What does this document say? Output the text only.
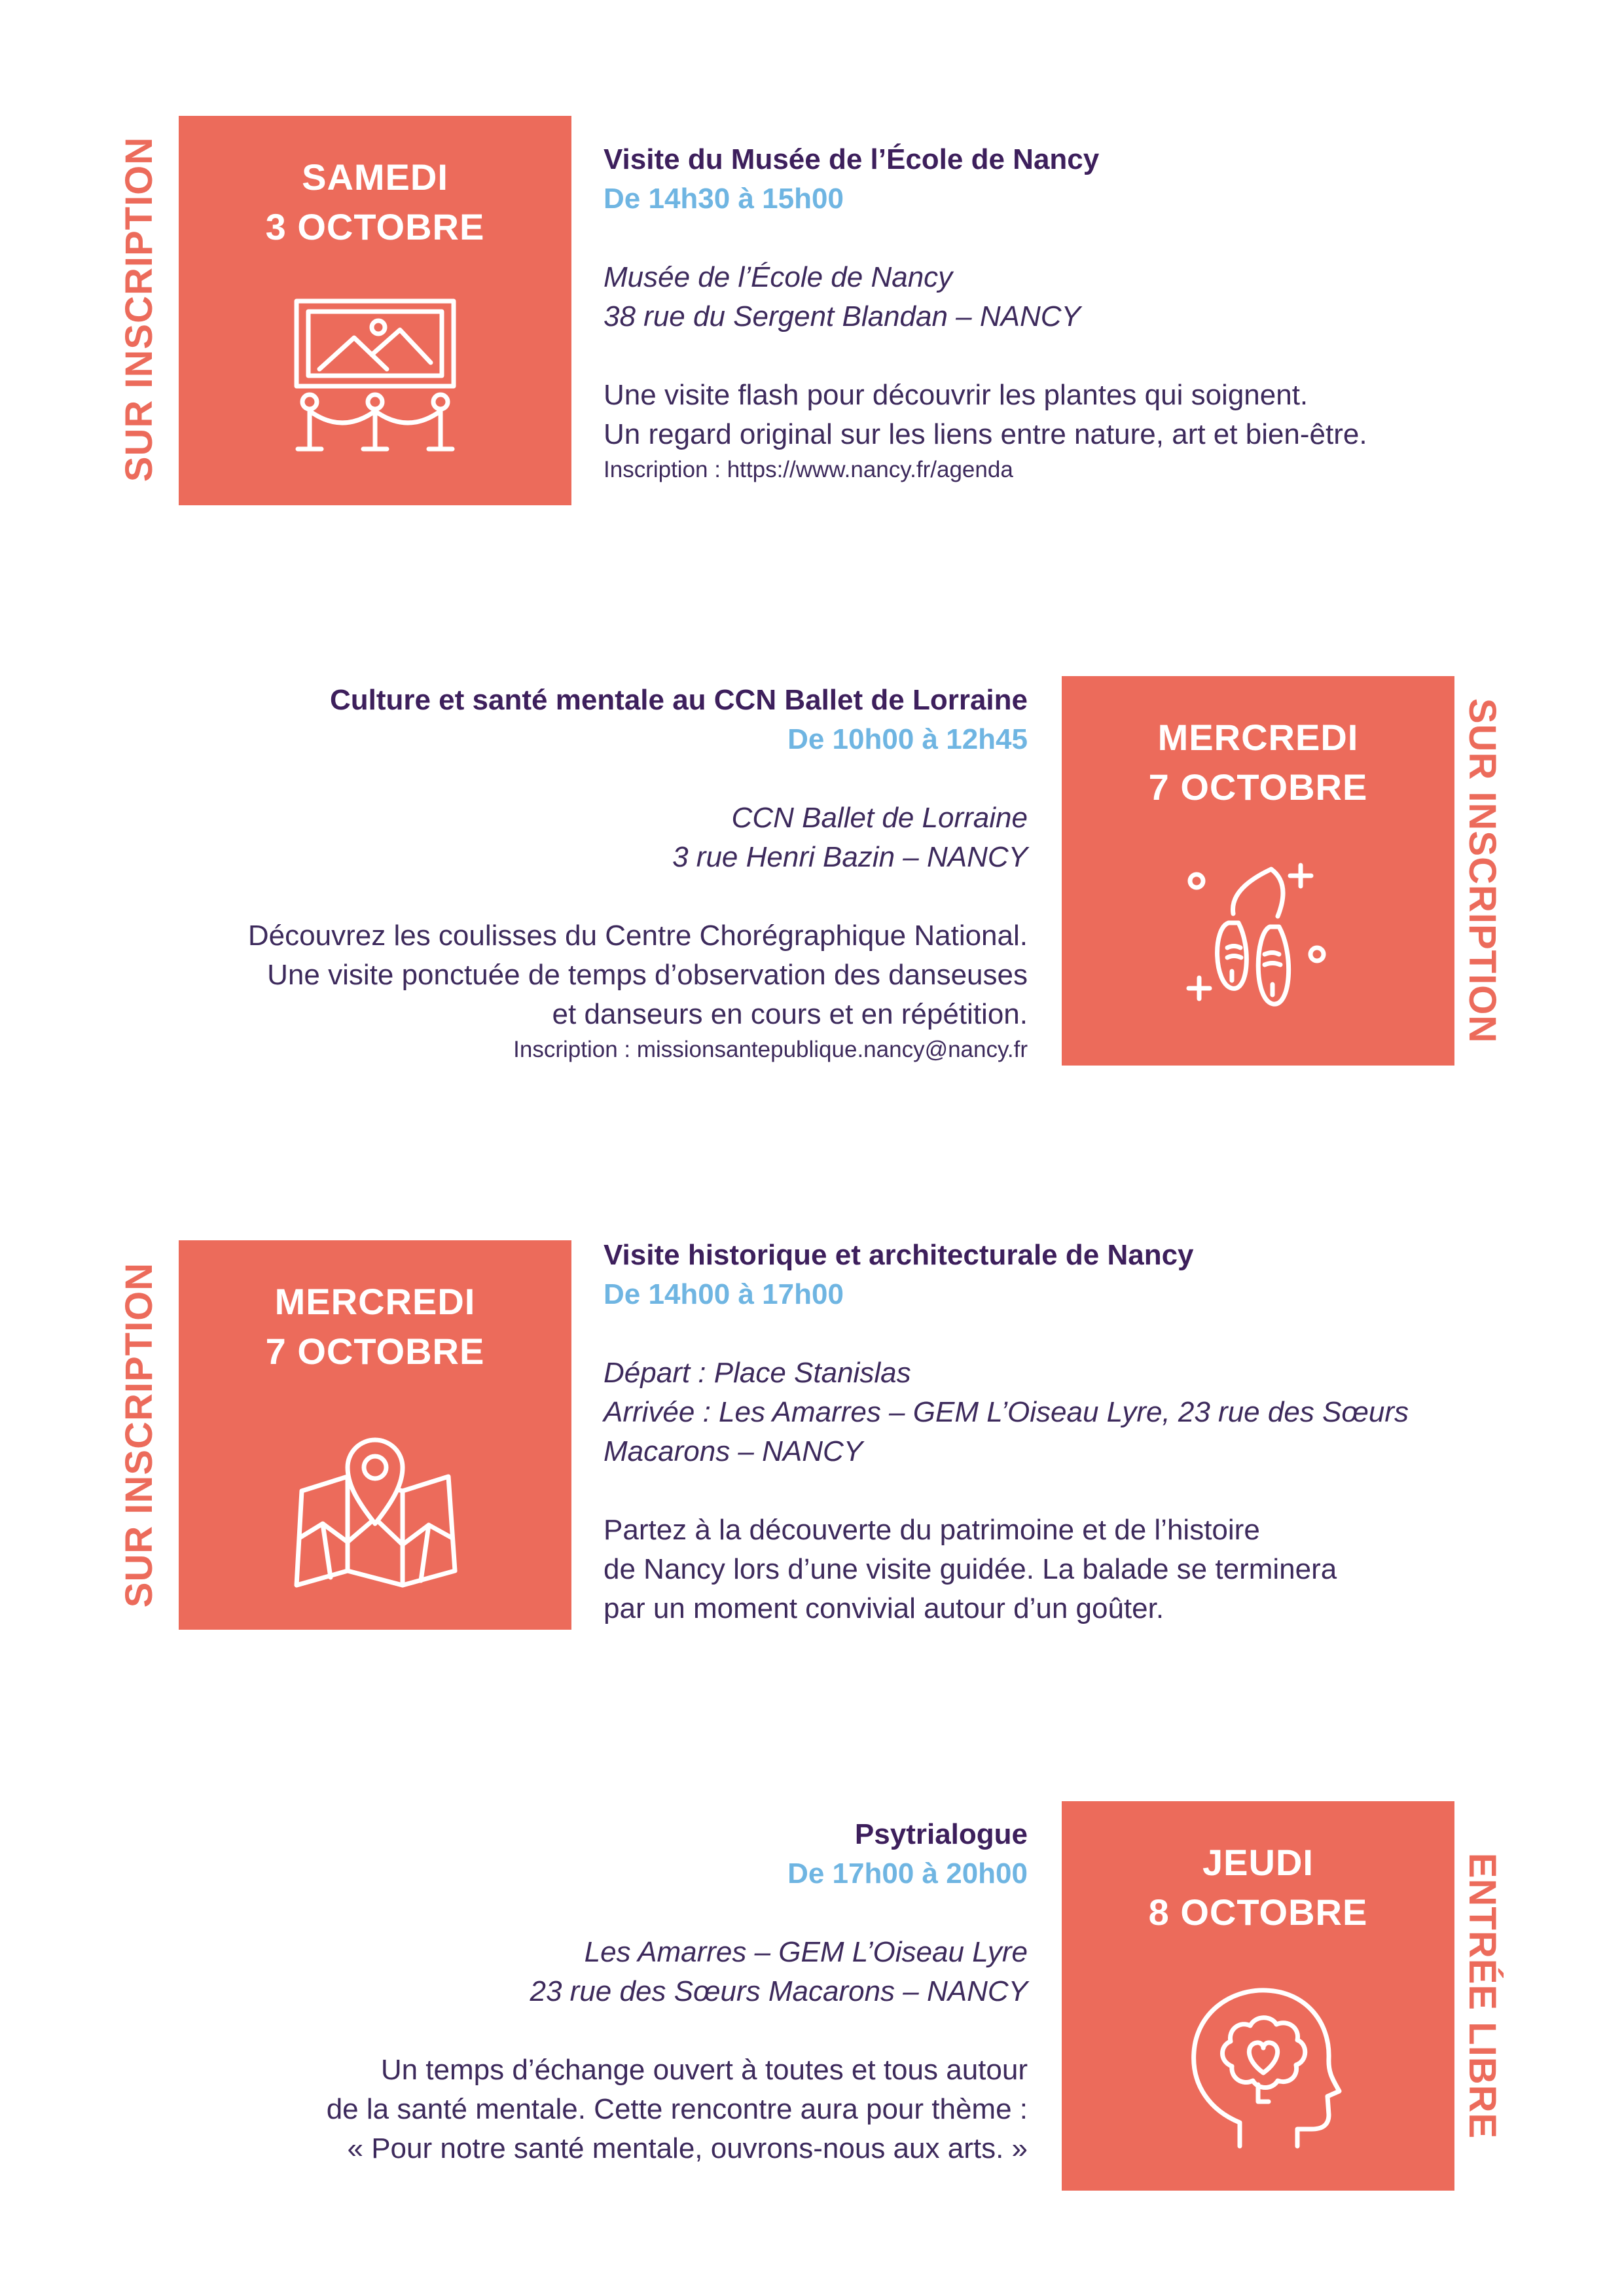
SUR INSCRIPTION	SAMEDI
3 OCTOBRE
Visite du Musée de l’École de Nancy
De 14h30 à 15h00
Musée de l’École de Nancy
38 rue du Sergent Blandan – NANCY
Une visite flash pour découvrir les plantes qui soignent.
Un regard original sur les liens entre nature, art et bien-être.
Inscription : https://www.nancy.fr/agenda
MERCREDI
7 OCTOBRE	SUR INSCRIPTION
Culture et santé mentale au CCN Ballet de Lorraine
De 10h00 à 12h45
CCN Ballet de Lorraine
3 rue Henri Bazin – NANCY
Découvrez les coulisses du Centre Chorégraphique National.
Une visite ponctuée de temps d’observation des danseuses
et danseurs en cours et en répétition.
Inscription : missionsantepublique.nancy@nancy.fr
SUR INSCRIPTION	MERCREDI
7 OCTOBRE
Visite historique et architecturale de Nancy
De 14h00 à 17h00
Départ : Place Stanislas
Arrivée : Les Amarres – GEM L’Oiseau Lyre, 23 rue des Sœurs
Macarons – NANCY
Partez à la découverte du patrimoine et de l’histoire
de Nancy lors d’une visite guidée. La balade se terminera
par un moment convivial autour d’un goûter.
JEUDI
8 OCTOBRE	ENTRÉE LIBRE
Psytrialogue
De 17h00 à 20h00
Les Amarres – GEM L’Oiseau Lyre
23 rue des Sœurs Macarons – NANCY
Un temps d’échange ouvert à toutes et tous autour
de la santé mentale. Cette rencontre aura pour thème :
« Pour notre santé mentale, ouvrons-nous aux arts. »
